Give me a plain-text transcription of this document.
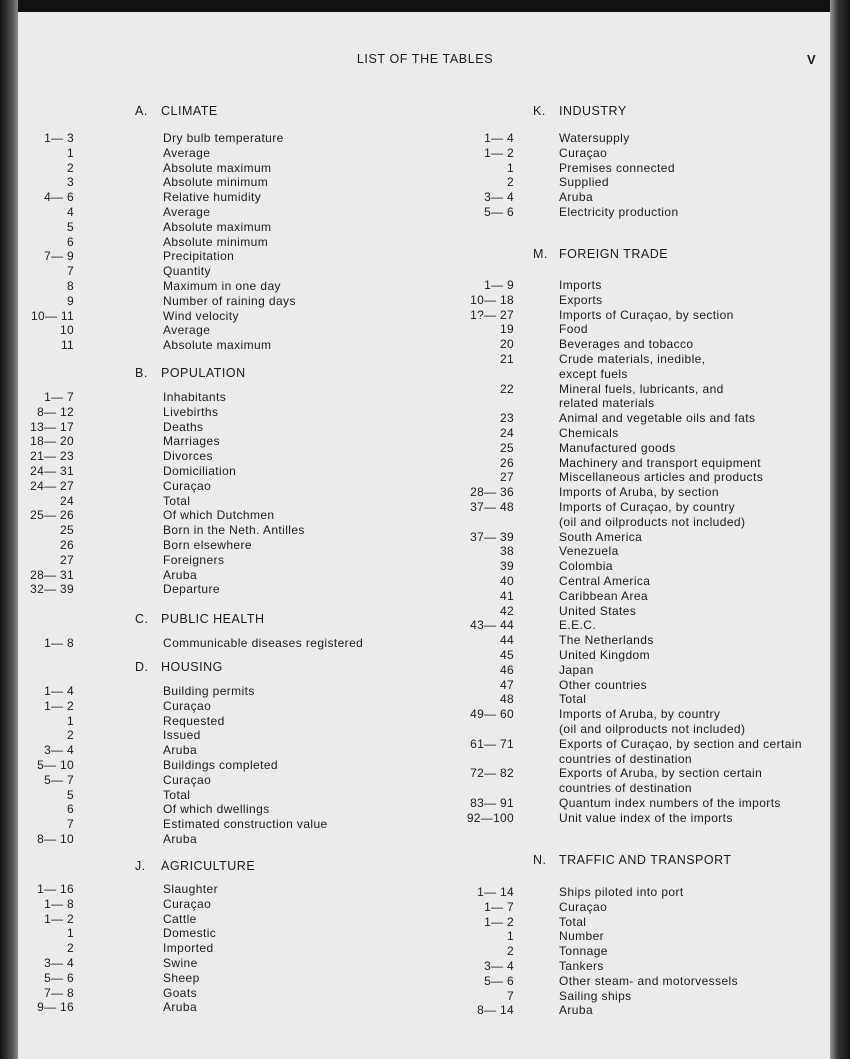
LIST OF THE TABLES	V
A. CLIMATE
1— 3	Dry bulb temperature
1	Average
2	Absolute maximum
3	Absolute minimum
4— 6	Relative humidity
4	Average
5	Absolute maximum
6	Absolute minimum
7— 9	Precipitation
7	Quantity
8	Maximum in one day
9	Number of raining days
10— 11	Wind velocity
10	Average
11	Absolute maximum
B. POPULATION
1— 7	Inhabitants
8— 12	Livebirths
13— 17	Deaths
18— 20	Marriages
21— 23	Divorces
24— 31	Domiciliation
24— 27	Curaçao
24	Total
25— 26	Of which Dutchmen
25	Born in the Neth. Antilles
26	Born elsewhere
27	Foreigners
28— 31	Aruba
32— 39	Departure
C. PUBLIC HEALTH
1— 8	Communicable diseases registered
D. HOUSING
1— 4	Building permits
1— 2	Curaçao
1	Requested
2	Issued
3— 4	Aruba
5— 10	Buildings completed
5— 7	Curaçao
5	Total
6	Of which dwellings
7	Estimated construction value
8— 10	Aruba
J. AGRICULTURE
1— 16	Slaughter
1— 8	Curaçao
1— 2	Cattle
1	Domestic
2	Imported
3— 4	Swine
5— 6	Sheep
7— 8	Goats
9— 16	Aruba
K. INDUSTRY
1— 4	Watersupply
1— 2	Curaçao
1	Premises connected
2	Supplied
3— 4	Aruba
5— 6	Electricity production
M. FOREIGN TRADE
1— 9	Imports
10— 18	Exports
1?— 27	Imports of Curaçao, by section
19	Food
20	Beverages and tobacco
21	Crude materials, inedible,
except fuels
22	Mineral fuels, lubricants, and
related materials
23	Animal and vegetable oils and fats
24	Chemicals
25	Manufactured goods
26	Machinery and transport equipment
27	Miscellaneous articles and products
28— 36	Imports of Aruba, by section
37— 48	Imports of Curaçao, by country
(oil and oilproducts not included)
37— 39	South America
38	Venezuela
39	Colombia
40	Central America
41	Caribbean Area
42	United States
43— 44	E.E.C.
44	The Netherlands
45	United Kingdom
46	Japan
47	Other countries
48	Total
49— 60	Imports of Aruba, by country
(oil and oilproducts not included)
61— 71	Exports of Curaçao, by section and certain
countries of destination
72— 82	Exports of Aruba, by section certain
countries of destination
83— 91	Quantum index numbers of the imports
92—100	Unit value index of the imports
N. TRAFFIC AND TRANSPORT
1— 14	Ships piloted into port
1— 7	Curaçao
1— 2	Total
1	Number
2	Tonnage
3— 4	Tankers
5— 6	Other steam- and motorvessels
7	Sailing ships
8— 14	Aruba
